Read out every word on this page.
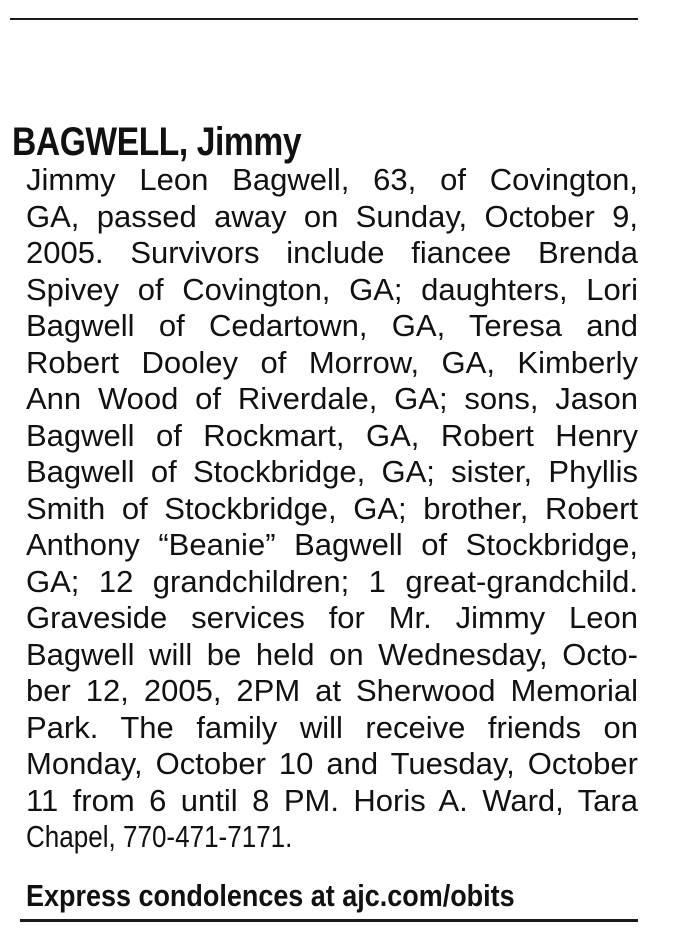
BAGWELL, Jimmy
Jimmy Leon Bagwell, 63, of Covington,
GA, passed away on Sunday, October 9,
2005. Survivors include fiancee Brenda
Spivey of Covington, GA; daughters, Lori
Bagwell of Cedartown, GA, Teresa and
Robert Dooley of Morrow, GA, Kimberly
Ann Wood of Riverdale, GA; sons, Jason
Bagwell of Rockmart, GA, Robert Henry
Bagwell of Stockbridge, GA; sister, Phyllis
Smith of Stockbridge, GA; brother, Robert
Anthony “Beanie” Bagwell of Stockbridge,
GA; 12 grandchildren; 1 great-grandchild.
Graveside services for Mr. Jimmy Leon
Bagwell will be held on Wednesday, Octo-
ber 12, 2005, 2PM at Sherwood Memorial
Park. The family will receive friends on
Monday, October 10 and Tuesday, October
11 from 6 until 8 PM. Horis A. Ward, Tara
Chapel, 770-471-7171.
Express condolences at ajc.com/obits
